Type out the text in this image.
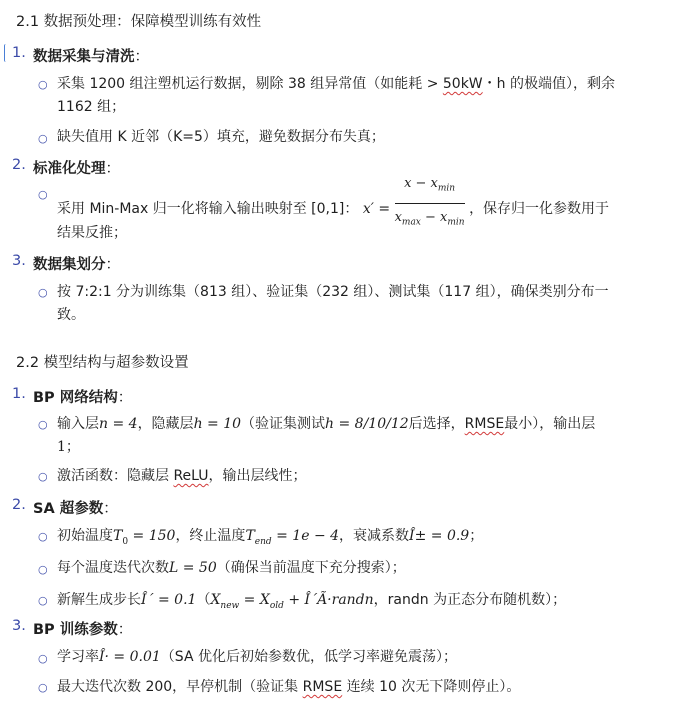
2.1 数据预处理：保障模型训练有效性
1. 数据采集与清洗：
○ 采集 1200 组注塑机运行数据，剔除 38 组异常值（如能耗 > 50kW・h 的极端值），剩余
1162 组；
○ 缺失值用 K 近邻（K=5）填充，避免数据分布失真；
2. 标准化处理：
○
采用 Min-Max 归一化将输入输出映射至 [0,1]： $x' = \frac{x - x_{min}}{x_{max} - x_{min}}$ ，保存归一化参数用于
结果反推；
3. 数据集划分：
○ 按 7:2:1 分为训练集（813 组）、验证集（232 组）、测试集（117 组），确保类别分布一
致。
2.2 模型结构与超参数设置
1. BP 网络结构：
○ 输入层n = 4，隐藏层h = 10（验证集测试h = 8/10/12后选择，RMSE最小），输出层
1；
○ 激活函数：隐藏层 ReLU，输出层线性；
2. SA 超参数：
○ 初始温度$T_0 = 150$，终止温度$T_{end} = 1e - 4$，衰减系数Î± = 0.9；
○ 每个温度迭代次数L = 50（确保当前温度下充分搜索）；
○ 新解生成步长Î´ = $0.1(X_{new} = X_{old}$ + Î´Ã·randn，randn 为正态分布随机数）；
3. BP 训练参数：
○ 学习率Î· = 0.01（SA 优化后初始参数优，低学习率避免震荡）；
○ 最大迭代次数 200，早停机制（验证集 RMSE 连续 10 次无下降则停止）。
